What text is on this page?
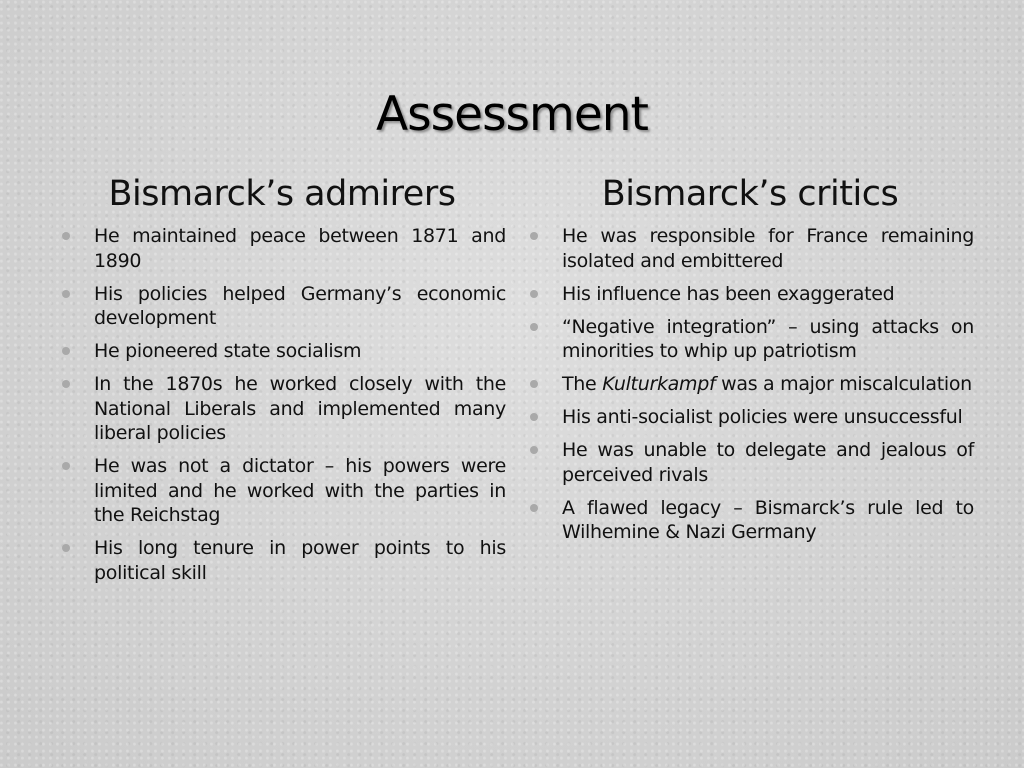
Assessment
Bismarck’s admirers
He maintained peace between 1871 and 1890
His policies helped Germany’s economic development
He pioneered state socialism
In the 1870s he worked closely with the National Liberals and implemented many liberal policies
He was not a dictator – his powers were limited and he worked with the parties in the Reichstag
His long tenure in power points to his political skill
Bismarck’s critics
He was responsible for France remaining isolated and embittered
His influence has been exaggerated
“Negative integration” – using attacks on minorities to whip up patriotism
The Kulturkampf was a major miscalculation
His anti-socialist policies were unsuccessful
He was unable to delegate and jealous of perceived rivals
A flawed legacy – Bismarck’s rule led to Wilhemine & Nazi Germany
